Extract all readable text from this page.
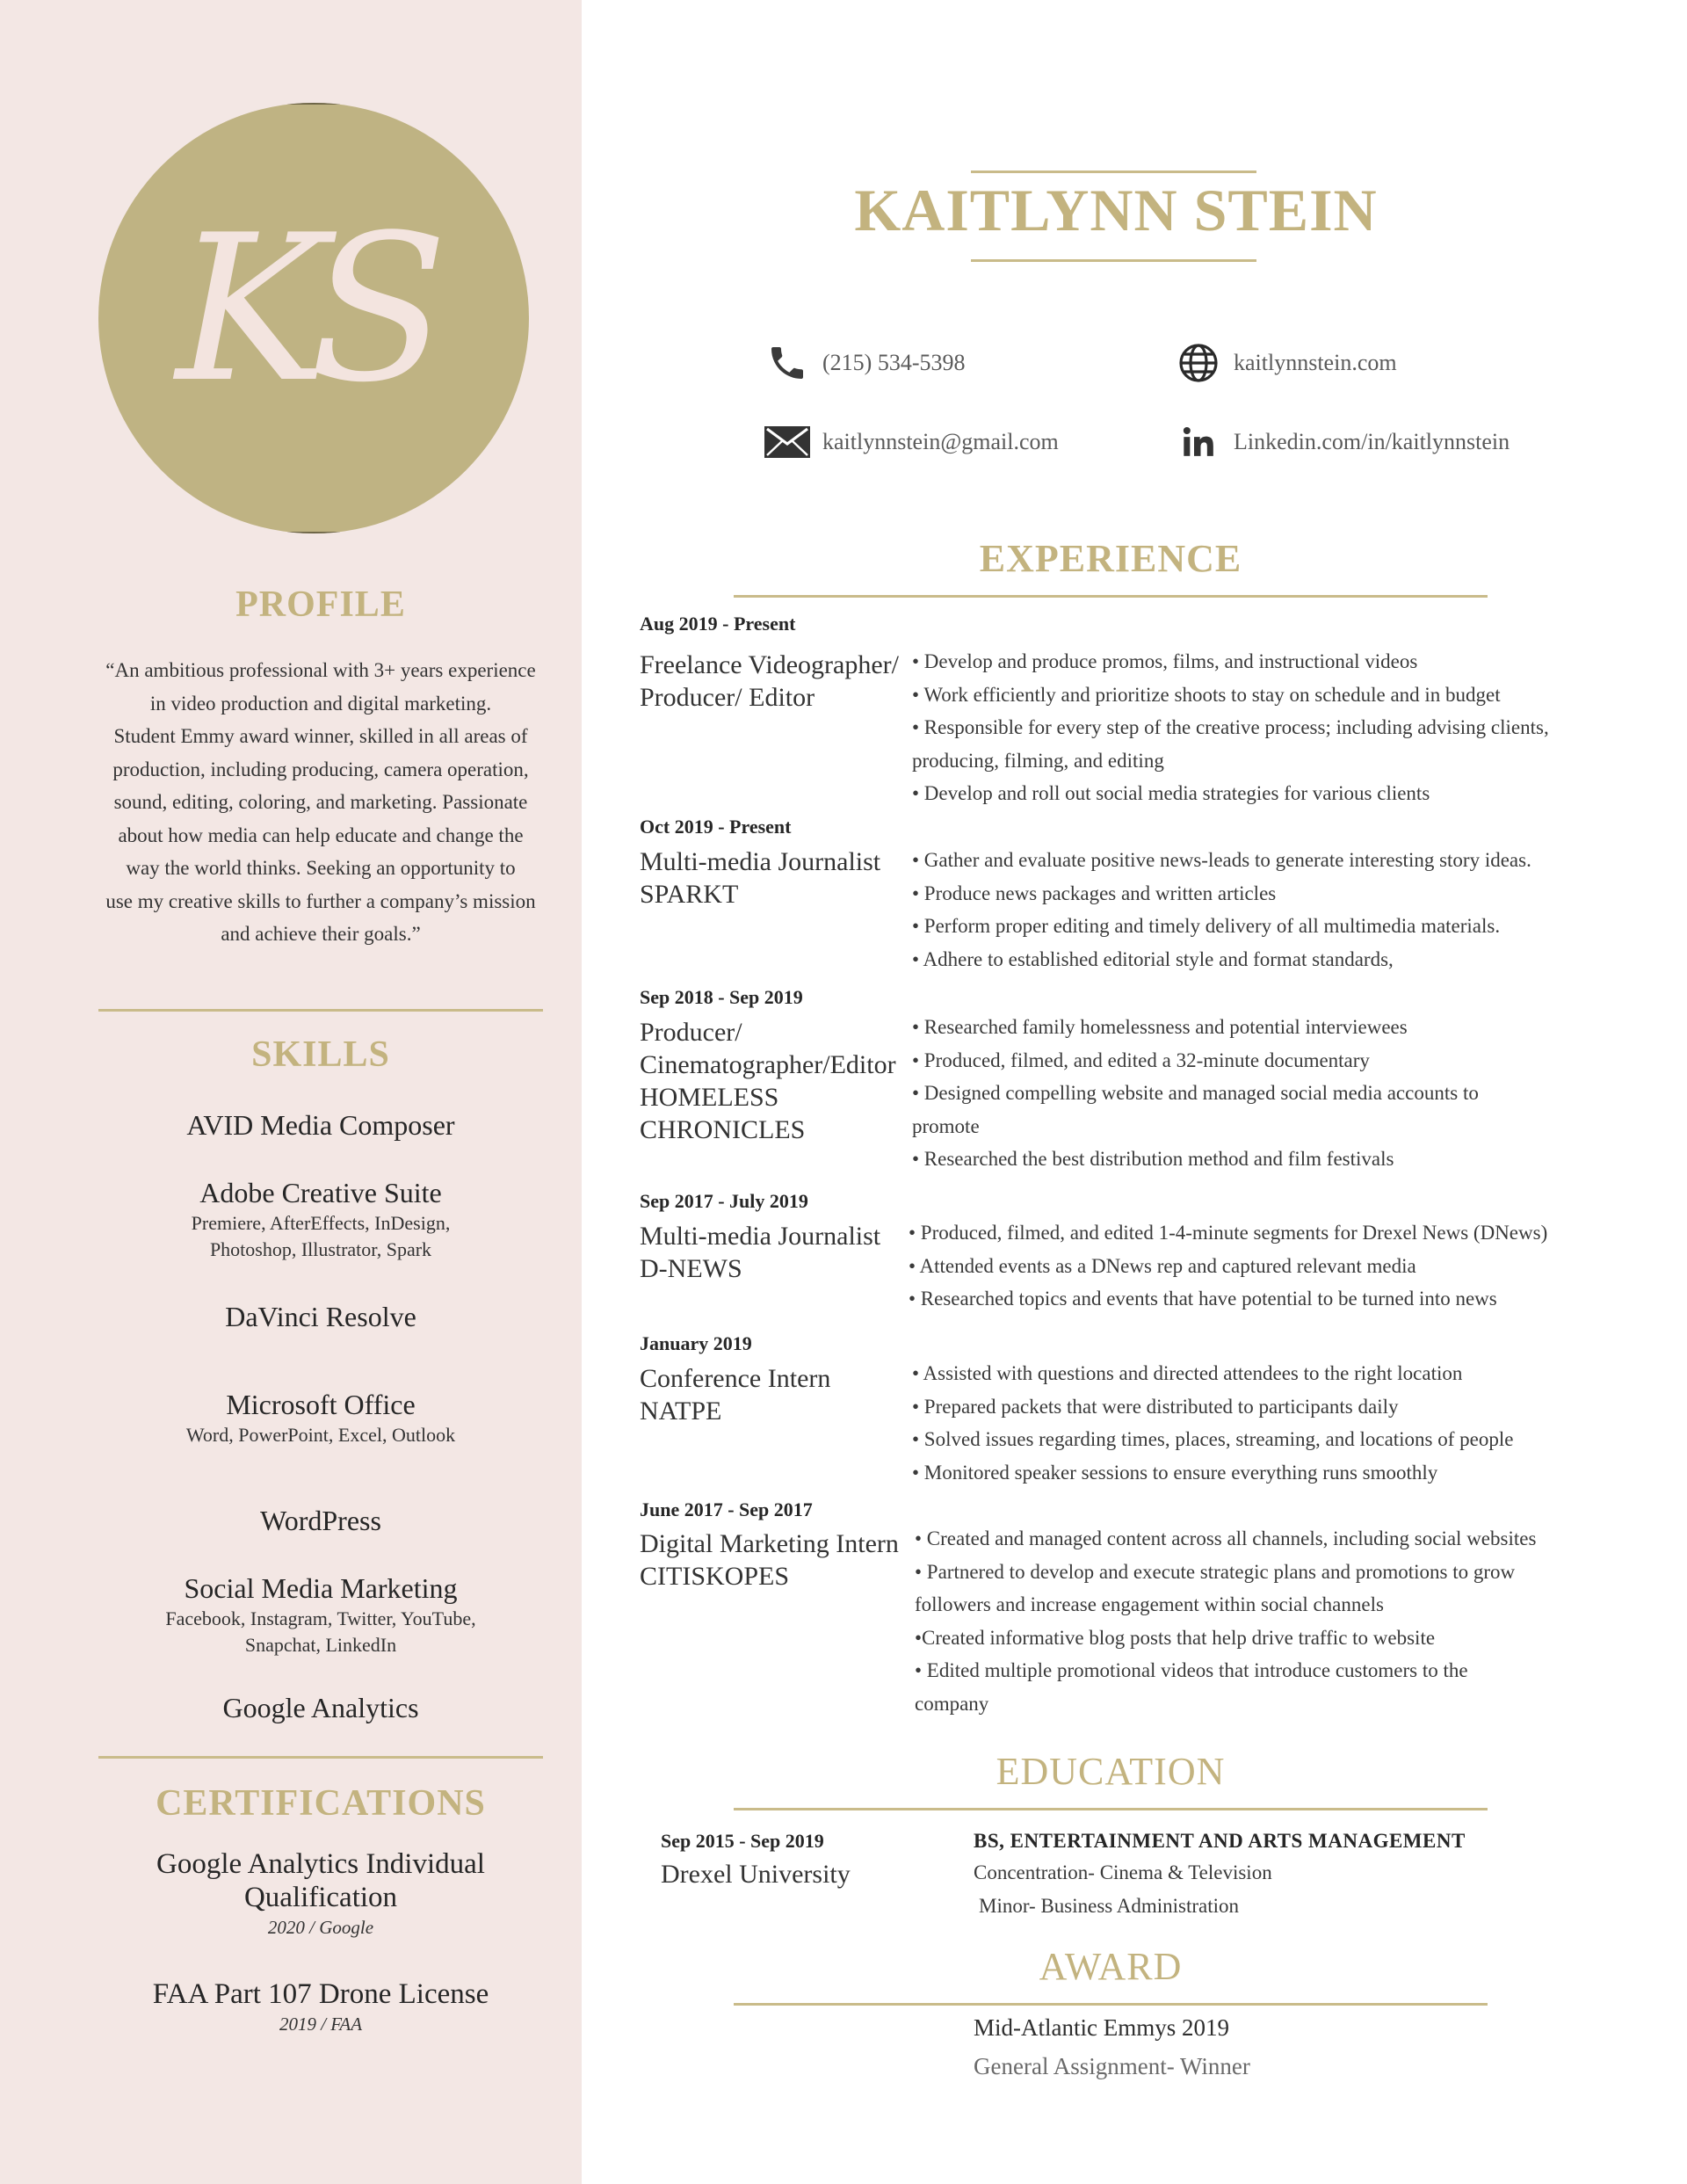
KS
PROFILE
“An ambitious professional with 3+ years experience
in video production and digital marketing.
Student Emmy award winner, skilled in all areas of
production, including producing, camera operation,
sound, editing, coloring, and marketing. Passionate
about how media can help educate and change the
way the world thinks. Seeking an opportunity to
use my creative skills to further a company’s mission
and achieve their goals.”
SKILLS
AVID Media Composer
Adobe Creative Suite
Premiere, AfterEffects, InDesign,
Photoshop, Illustrator, Spark
DaVinci Resolve
Microsoft Office
Word, PowerPoint, Excel, Outlook
WordPress
Social Media Marketing
Facebook, Instagram, Twitter, YouTube,
Snapchat, LinkedIn
Google Analytics
CERTIFICATIONS
Google Analytics Individual
Qualification
2020 / Google
FAA Part 107 Drone License
2019 / FAA
KAITLYNN STEIN
(215) 534-5398	kaitlynnstein.com
kaitlynnstein@gmail.com	Linkedin.com/in/kaitlynnstein
EXPERIENCE
Aug 2019 - Present
Freelance Videographer/
Producer/ Editor
• Develop and produce promos, films, and instructional videos
• Work efficiently and prioritize shoots to stay on schedule and in budget
• Responsible for every step of the creative process; including advising clients,
producing, filming, and editing
• Develop and roll out social media strategies for various clients
Oct 2019 - Present
Multi-media Journalist
SPARKT
• Gather and evaluate positive news-leads to generate interesting story ideas.
• Produce news packages and written articles
• Perform proper editing and timely delivery of all multimedia materials.
• Adhere to established editorial style and format standards,
Sep 2018 - Sep 2019
Producer/
Cinematographer/Editor
HOMELESS
CHRONICLES
• Researched family homelessness and potential interviewees
• Produced, filmed, and edited a 32-minute documentary
• Designed compelling website and managed social media accounts to
promote
• Researched the best distribution method and film festivals
Sep 2017 - July 2019
Multi-media Journalist
D-NEWS
• Produced, filmed, and edited 1-4-minute segments for Drexel News (DNews)
• Attended events as a DNews rep and captured relevant media
• Researched topics and events that have potential to be turned into news
January 2019
Conference Intern
NATPE
• Assisted with questions and directed attendees to the right location
• Prepared packets that were distributed to participants daily
• Solved issues regarding times, places, streaming, and locations of people
• Monitored speaker sessions to ensure everything runs smoothly
June 2017 - Sep 2017
Digital Marketing Intern
CITISKOPES
• Created and managed content across all channels, including social websites
• Partnered to develop and execute strategic plans and promotions to grow
followers and increase engagement within social channels
•Created informative blog posts that help drive traffic to website
• Edited multiple promotional videos that introduce customers to the
company
EDUCATION
Sep 2015 - Sep 2019
Drexel University
BS, ENTERTAINMENT AND ARTS MANAGEMENT
Concentration- Cinema & Television
Minor- Business Administration
AWARD
Mid-Atlantic Emmys 2019
General Assignment- Winner
